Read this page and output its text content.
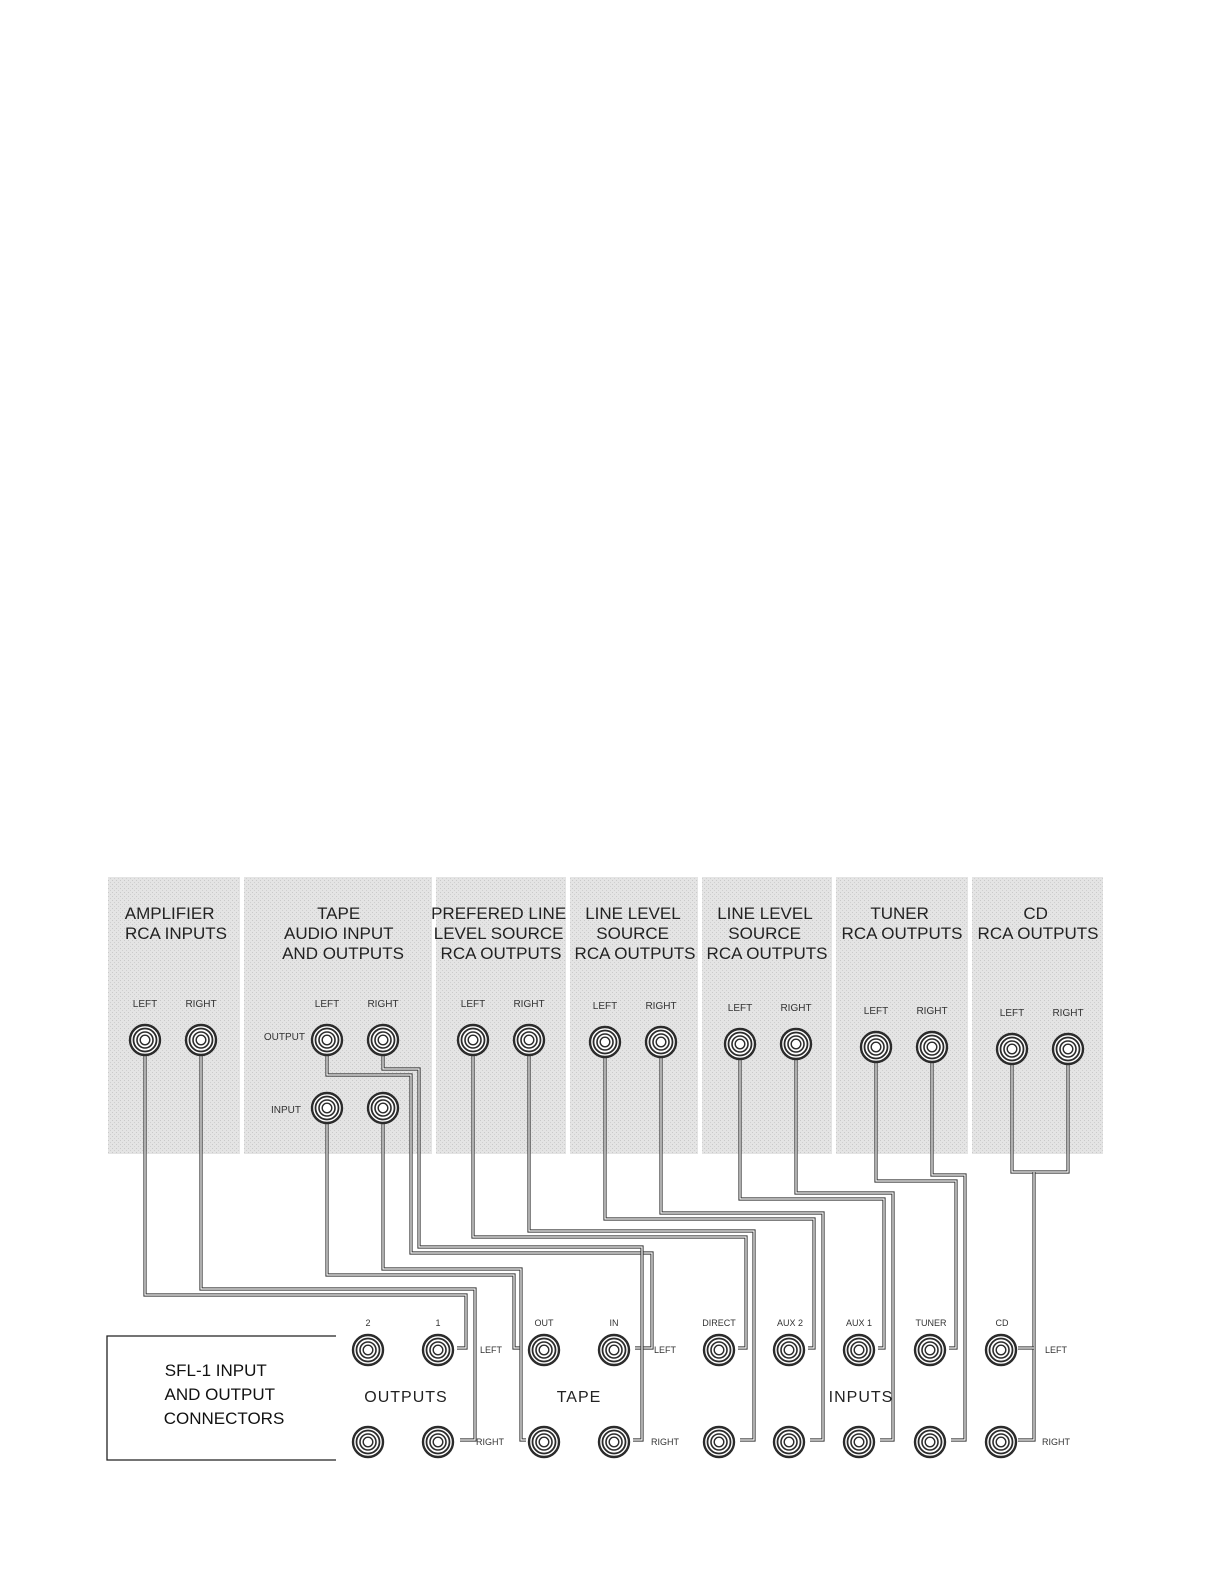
AMPLIFIER RCA INPUTS
TAPE AUDIO INPUT AND OUTPUTS
PREFERED LINE LEVEL SOURCE RCA OUTPUTS
LINE LEVEL SOURCE RCA OUTPUTS
LINE LEVEL SOURCE RCA OUTPUTS
TUNER RCA OUTPUTS
CD RCA OUTPUTS
LEFT	RIGHT	LEFT	RIGHT
OUTPUT
INPUT
LEFT	RIGHT	LEFT	RIGHT	LEFT	RIGHT	LEFT	RIGHT	LEFT	RIGHT
SFL-1 INPUT AND OUTPUT CONNECTORS
2	1	OUT	IN	DIRECT	AUX 2	AUX 1	TUNER	CD
OUTPUTS	TAPE	INPUTS
LEFT	LEFT	LEFT
RIGHT	RIGHT	RIGHT
